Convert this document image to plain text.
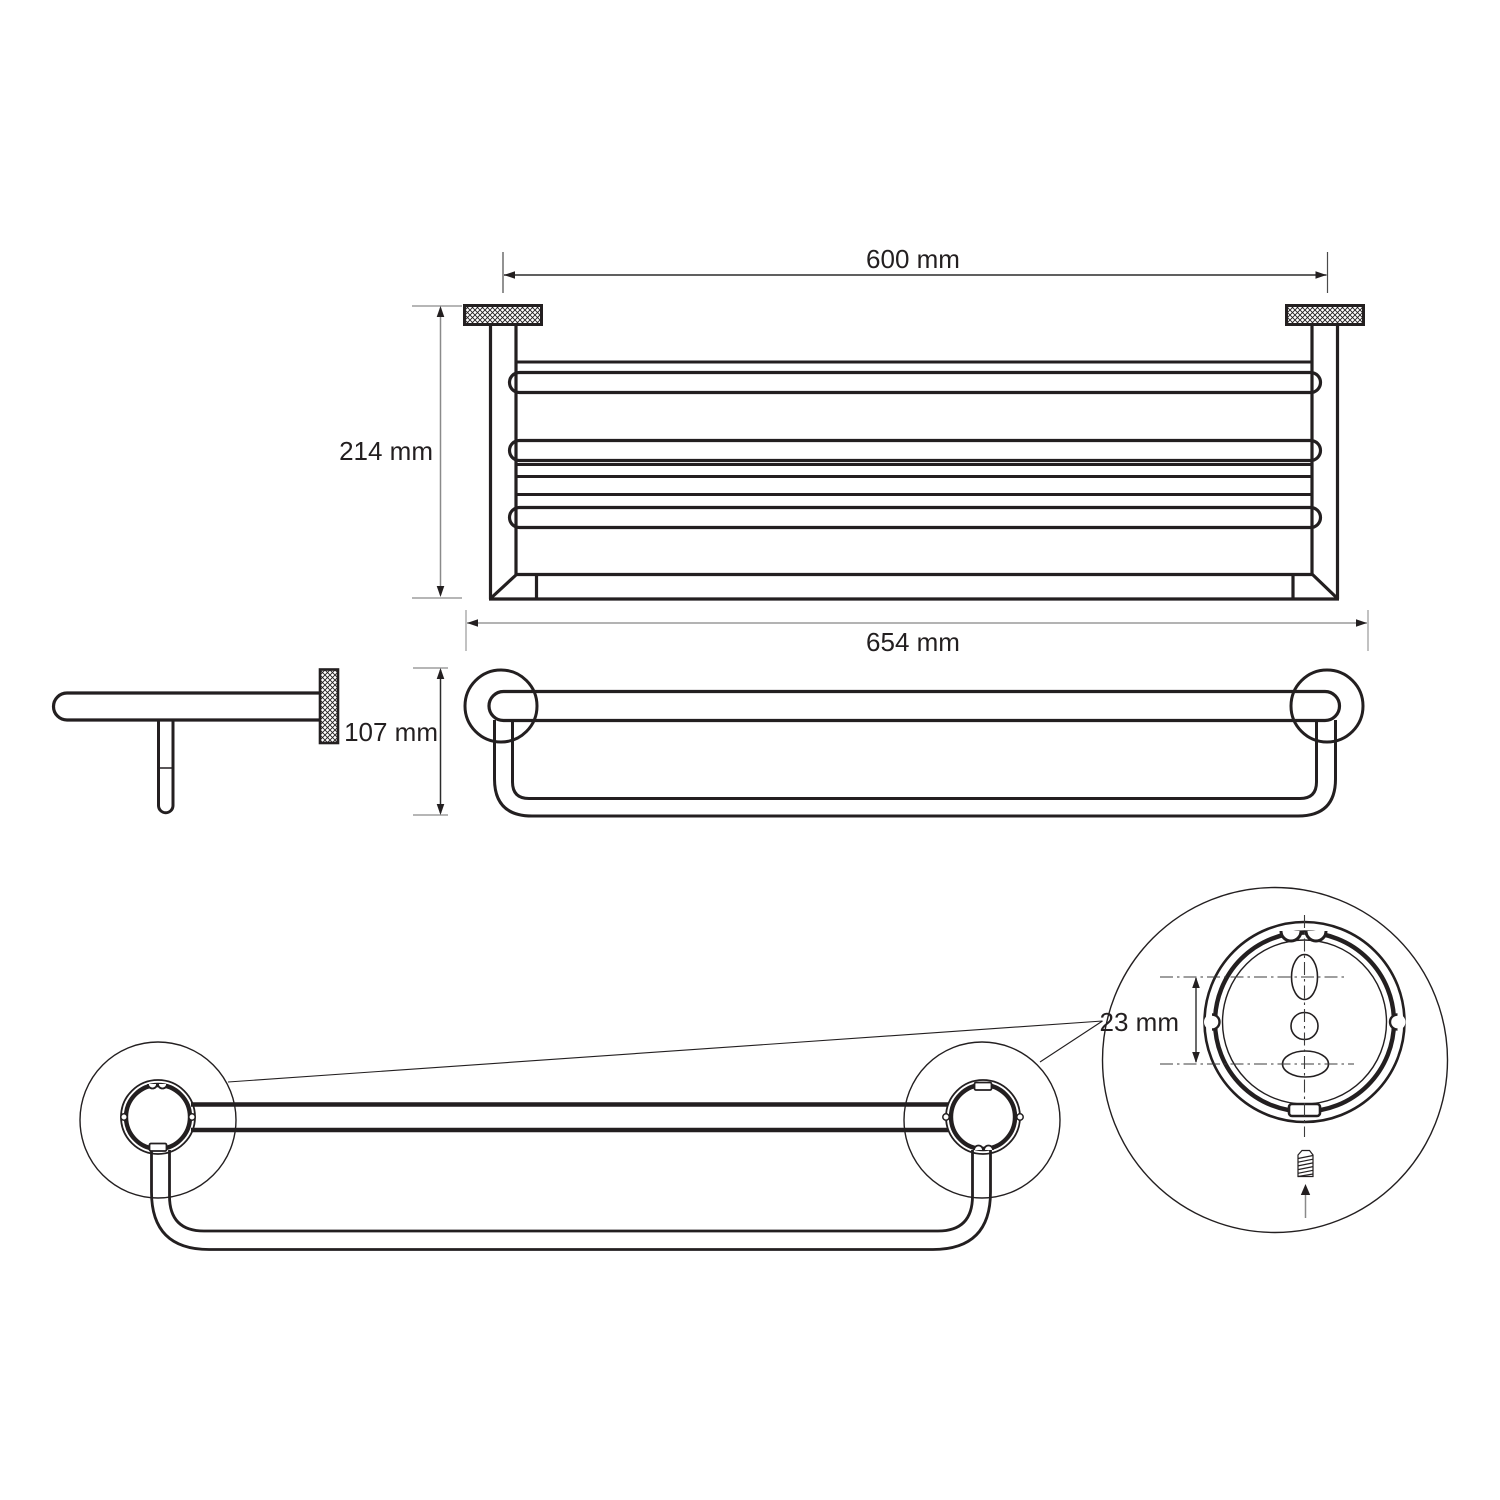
600 mm
214 mm
654 mm
107 mm
23 mm
